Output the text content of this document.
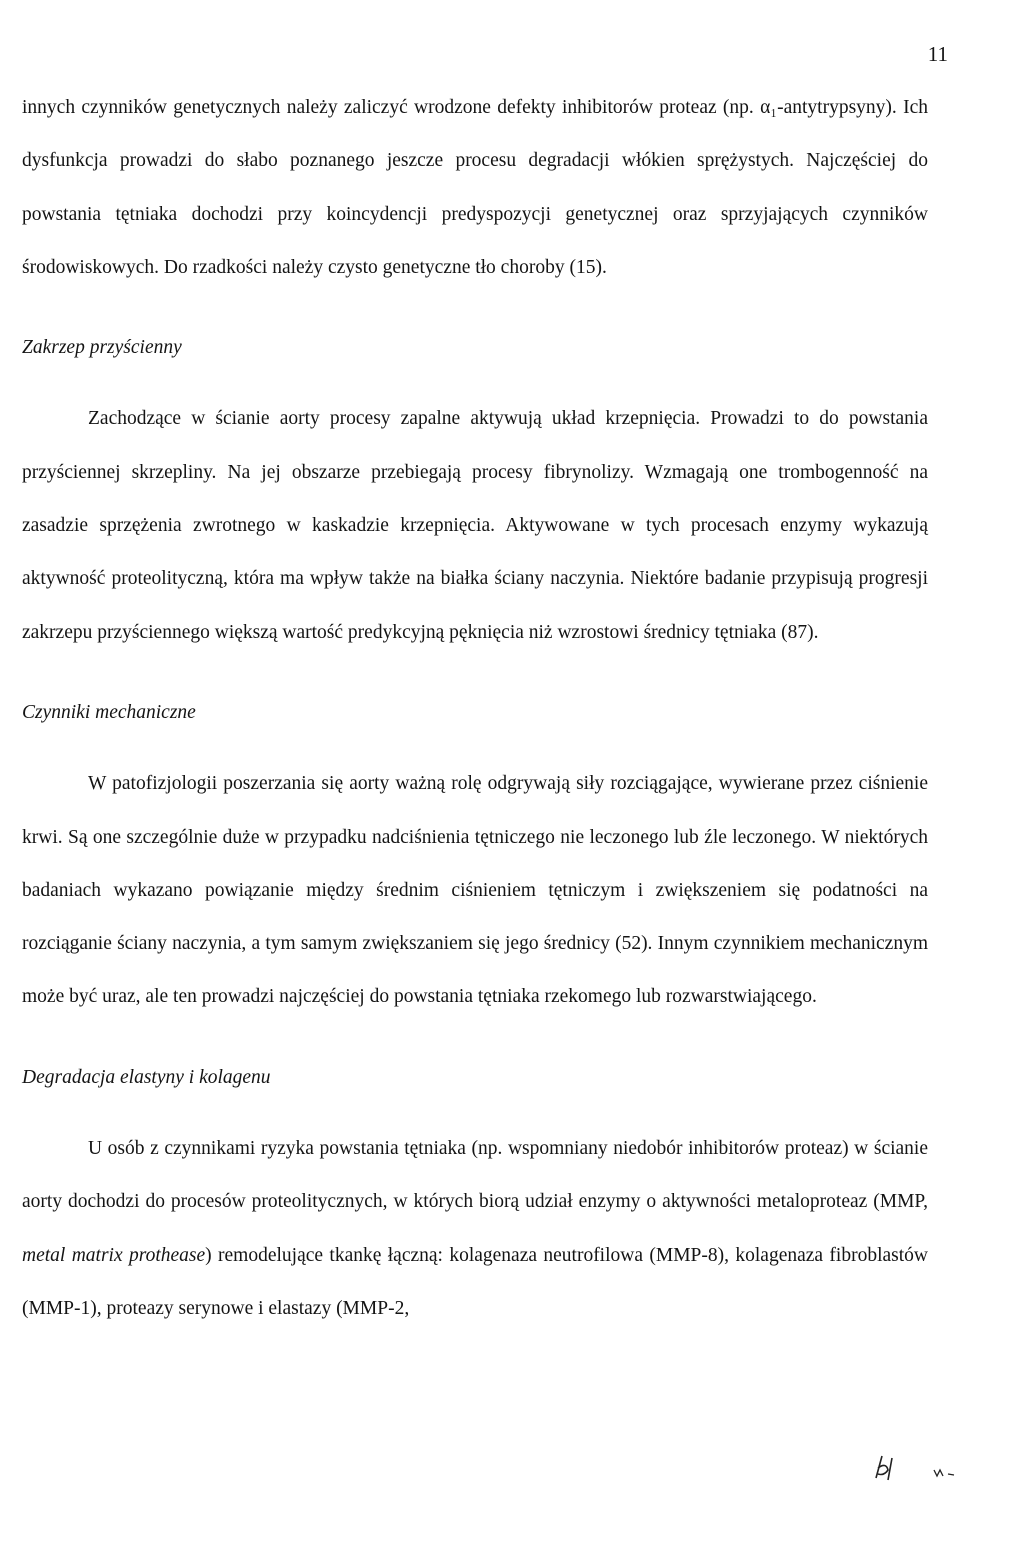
11

innych czynników genetycznych należy zaliczyć wrodzone defekty inhibitorów proteaz (np. α₁-antytrypsyny). Ich dysfunkcja prowadzi do słabo poznanego jeszcze procesu degradacji włókien sprężystych. Najczęściej do powstania tętniaka dochodzi przy koincydencji predyspozycji genetycznej oraz sprzyjających czynników środowiskowych. Do rzadkości należy czysto genetyczne tło choroby (15).

Zakrzep przyścienny

Zachodzące w ścianie aorty procesy zapalne aktywują układ krzepnięcia. Prowadzi to do powstania przyściennej skrzepliny. Na jej obszarze przebiegają procesy fibrynolizy. Wzmagają one trombogenność na zasadzie sprzężenia zwrotnego w kaskadzie krzepnięcia. Aktywowane w tych procesach enzymy wykazują aktywność proteolityczną, która ma wpływ także na białka ściany naczynia. Niektóre badanie przypisują progresji zakrzepu przyściennego większą wartość predykcyjną pęknięcia niż wzrostowi średnicy tętniaka (87).

Czynniki mechaniczne

W patofizjologii poszerzania się aorty ważną rolę odgrywają siły rozciągające, wywierane przez ciśnienie krwi. Są one szczególnie duże w przypadku nadciśnienia tętniczego nie leczonego lub źle leczonego. W niektórych badaniach wykazano powiązanie między średnim ciśnieniem tętniczym i zwiększeniem się podatności na rozciąganie ściany naczynia, a tym samym zwiększaniem się jego średnicy (52). Innym czynnikiem mechanicznym może być uraz, ale ten prowadzi najczęściej do powstania tętniaka rzekomego lub rozwarstwiającego.

Degradacja elastyny i kolagenu

U osób z czynnikami ryzyka powstania tętniaka (np. wspomniany niedobór inhibitorów proteaz) w ścianie aorty dochodzi do procesów proteolitycznych, w których biorą udział enzymy o aktywności metaloproteaz (MMP, metal matrix prothease) remodelujące tkankę łączną: kolagenaza neutrofilowa (MMP-8), kolagenaza fibroblastów (MMP-1), proteazy serynowe i elastazy (MMP-2,
